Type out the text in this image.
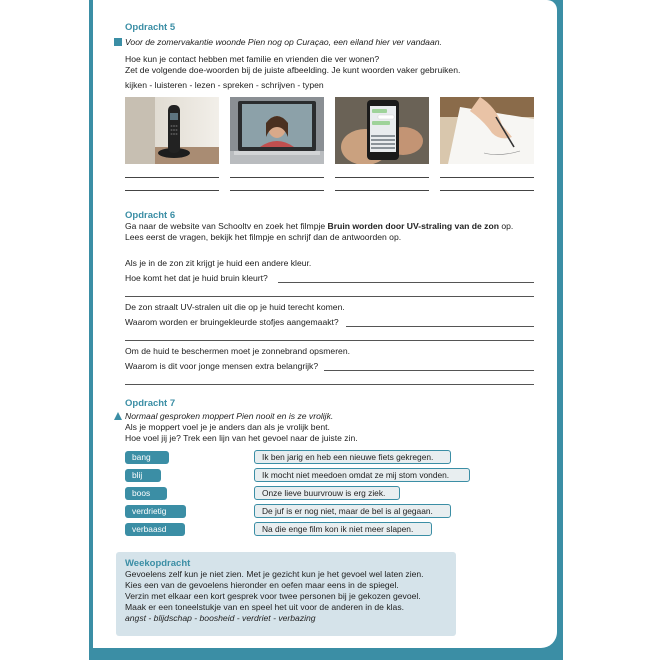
9
Opdracht 5
Voor de zomervakantie woonde Pien nog op Curaçao, een eiland hier ver vandaan.
Hoe kun je contact hebben met familie en vrienden die ver wonen?
Zet de volgende doe-woorden bij de juiste afbeelding. Je kunt woorden vaker gebruiken.
kijken - luisteren - lezen - spreken - schrijven - typen
Opdracht 6
Ga naar de website van Schooltv en zoek het filmpje Bruin worden door UV-straling van de zon op.
Lees eerst de vragen, bekijk het filmpje en schrijf dan de antwoorden op.
Als je in de zon zit krijgt je huid een andere kleur.
Hoe komt het dat je huid bruin kleurt?
De zon straalt UV-stralen uit die op je huid terecht komen.
Waarom worden er bruingekleurde stofjes aangemaakt?
Om de huid te beschermen moet je zonnebrand opsmeren.
Waarom is dit voor jonge mensen extra belangrijk?
Opdracht 7
Normaal gesproken moppert Pien nooit en is ze vrolijk.
Als je moppert voel je je anders dan als je vrolijk bent.
Hoe voel jij je? Trek een lijn van het gevoel naar de juiste zin.
bang
blij
boos
verdrietig
verbaasd
Ik ben jarig en heb een nieuwe fiets gekregen.
Ik mocht niet meedoen omdat ze mij stom vonden.
Onze lieve buurvrouw is erg ziek.
De juf is er nog niet, maar de bel is al gegaan.
Na die enge film kon ik niet meer slapen.
Weekopdracht
Gevoelens zelf kun je niet zien. Met je gezicht kun je het gevoel wel laten zien.
Kies een van de gevoelens hieronder en oefen maar eens in de spiegel.
Verzin met elkaar een kort gesprek voor twee personen bij je gekozen gevoel.
Maak er een toneelstukje van en speel het uit voor de anderen in de klas.
angst - blijdschap - boosheid - verdriet - verbazing
